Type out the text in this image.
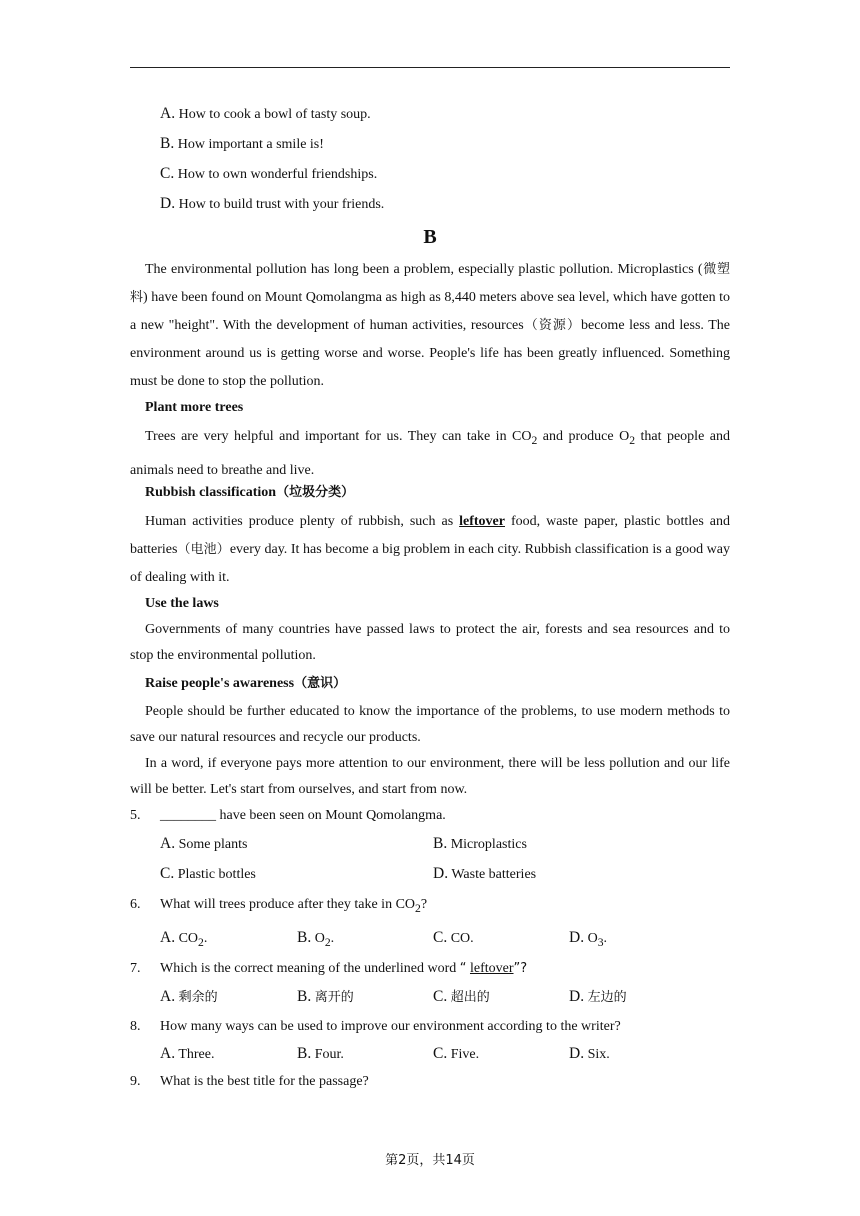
A. How to cook a bowl of tasty soup.
B. How important a smile is!
C. How to own wonderful friendships.
D. How to build trust with your friends.
B

The environmental pollution has long been a problem, especially plastic pollution. Microplastics (微塑料) have been found on Mount Qomolangma as high as 8,440 meters above sea level, which have gotten to a new "height". With the development of human activities, resources（资源）become less and less. The environment around us is getting worse and worse. People's life has been greatly influenced. Something must be done to stop the pollution.

Plant more trees

Trees are very helpful and important for us. They can take in $CO_2$ and produce $O_2$ that people and animals need to breathe and live.

Rubbish classification（垃圾分类）

Human activities produce plenty of rubbish, such as leftover food, waste paper, plastic bottles and batteries（电池）every day. It has become a big problem in each city. Rubbish classification is a good way of dealing with it.

Use the laws

Governments of many countries have passed laws to protect the air, forests and sea resources and to stop the environmental pollution.

Raise people's awareness（意识）

People should be further educated to know the importance of the problems, to use modern methods to save our natural resources and recycle our products.

In a word, if everyone pays more attention to our environment, there will be less pollution and our life will be better. Let's start from ourselves, and start from now.

5. ________ have been seen on Mount Qomolangma.
A. Some plants	B. Microplastics
C. Plastic bottles	D. Waste batteries
6. What will trees produce after they take in $CO_2$?
A. $CO_2$.	B. $O_2$.	C. CO.	D. $O_3$.
7. Which is the correct meaning of the underlined word “ leftover”?
A. 剩余的	B. 离开的	C. 超出的	D. 左边的
8. How many ways can be used to improve our environment according to the writer?
A. Three.	B. Four.	C. Five.	D. Six.
9. What is the best title for the passage?
第2页，共14页
